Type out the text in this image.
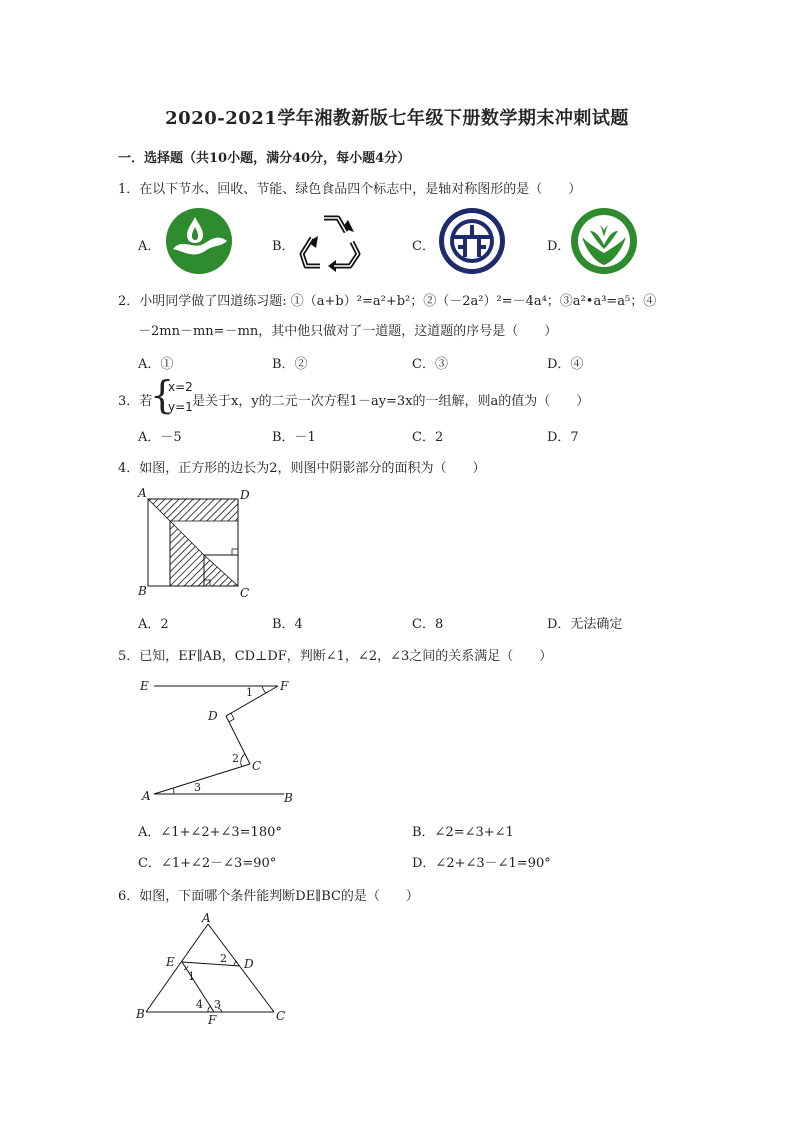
2020-2021学年湘教新版七年级下册数学期末冲刺试题
一．选择题（共10小题，满分40分，每小题4分）
1．在以下节水、回收、节能、绿色食品四个标志中，是轴对称图形的是（　　）
A．	B．	C．	D．
2．小明同学做了四道练习题: ①（a+b）²=a²+b²；②（－2a²）²=－4a⁴；③a²•a³=a⁵；④
－2mn－mn=－mn，其中他只做对了一道题，这道题的序号是（　　）
A．①	B．②	C．③	D．④
3．若
{
x=2
y=1 是关于x，y的二元一次方程1－ay=3x的一组解，则a的值为（　　）
A．－5	B．－1	C．2	D．7
4．如图，正方形的边长为2，则图中阴影部分的面积为（　　）
A	D
B	C
A．2	B．4	C．8	D．无法确定
5．已知，EF∥AB，CD⊥DF，判断∠1，∠2，∠3之间的关系满足（　　）
E	F
D
C
A	B
1
2
3
A．∠1+∠2+∠3=180°	B．∠2=∠3+∠1
C．∠1+∠2－∠3=90°	D．∠2+∠3－∠1=90°
6．如图，下面哪个条件能判断DE∥BC的是（　　）
A
E	D
B	C
F
1
2
3
4
